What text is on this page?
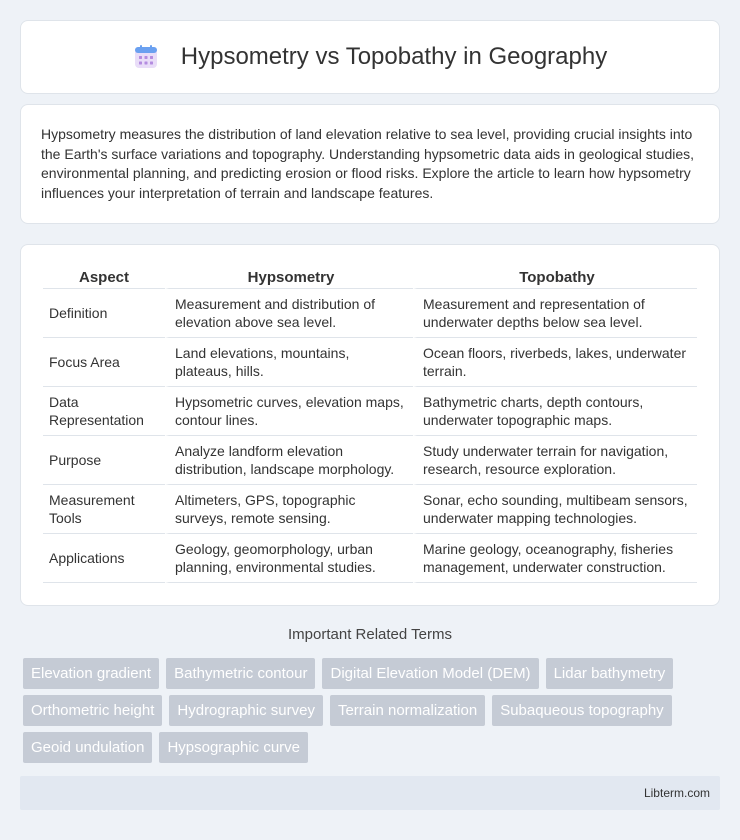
Hypsometry vs Topobathy in Geography

Hypsometry measures the distribution of land elevation relative to sea level, providing crucial insights into the Earth's surface variations and topography. Understanding hypsometric data aids in geological studies, environmental planning, and predicting erosion or flood risks. Explore the article to learn how hypsometry influences your interpretation of terrain and landscape features.

Aspect	Hypsometry	Topobathy
Definition	Measurement and distribution of elevation above sea level.	Measurement and representation of underwater depths below sea level.
Focus Area	Land elevations, mountains, plateaus, hills.	Ocean floors, riverbeds, lakes, underwater terrain.
Data Representation	Hypsometric curves, elevation maps, contour lines.	Bathymetric charts, depth contours, underwater topographic maps.
Purpose	Analyze landform elevation distribution, landscape morphology.	Study underwater terrain for navigation, research, resource exploration.
Measurement Tools	Altimeters, GPS, topographic surveys, remote sensing.	Sonar, echo sounding, multibeam sensors, underwater mapping technologies.
Applications	Geology, geomorphology, urban planning, environmental studies.	Marine geology, oceanography, fisheries management, underwater construction.
Important Related Terms
Elevation gradient	Bathymetric contour	Digital Elevation Model (DEM)	Lidar bathymetry
Orthometric height	Hydrographic survey	Terrain normalization	Subaqueous topography
Geoid undulation	Hypsographic curve
Libterm.com
